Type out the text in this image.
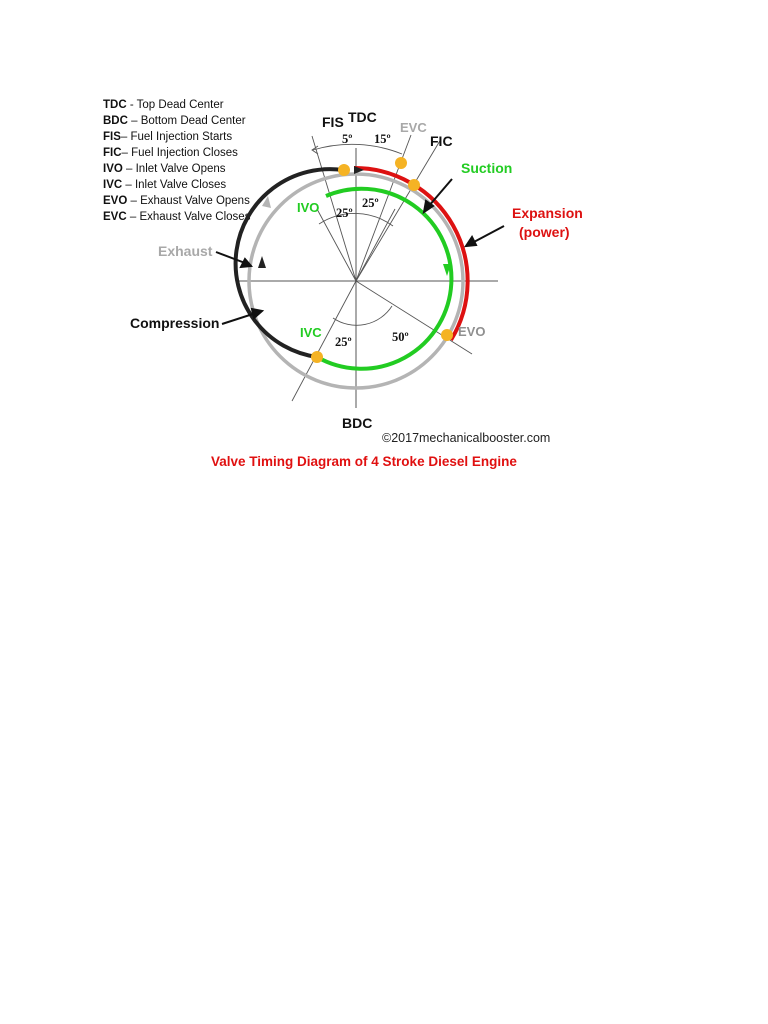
TDC - Top Dead Center
BDC – Bottom Dead Center
FIS– Fuel Injection Starts
FIC– Fuel Injection Closes
IVO – Inlet Valve Opens
IVC – Inlet Valve Closes
EVO – Exhaust Valve Opens
EVC – Exhaust Valve Closes
FIS TDC
EVC
FIC
IVO
IVC	EVO
BDC
5º 15º
25º
25º
25º	50º
Suction
Expansion
(power)
Exhaust
Compression
©2017mechanicalbooster.com
Valve Timing Diagram of 4 Stroke Diesel Engine
